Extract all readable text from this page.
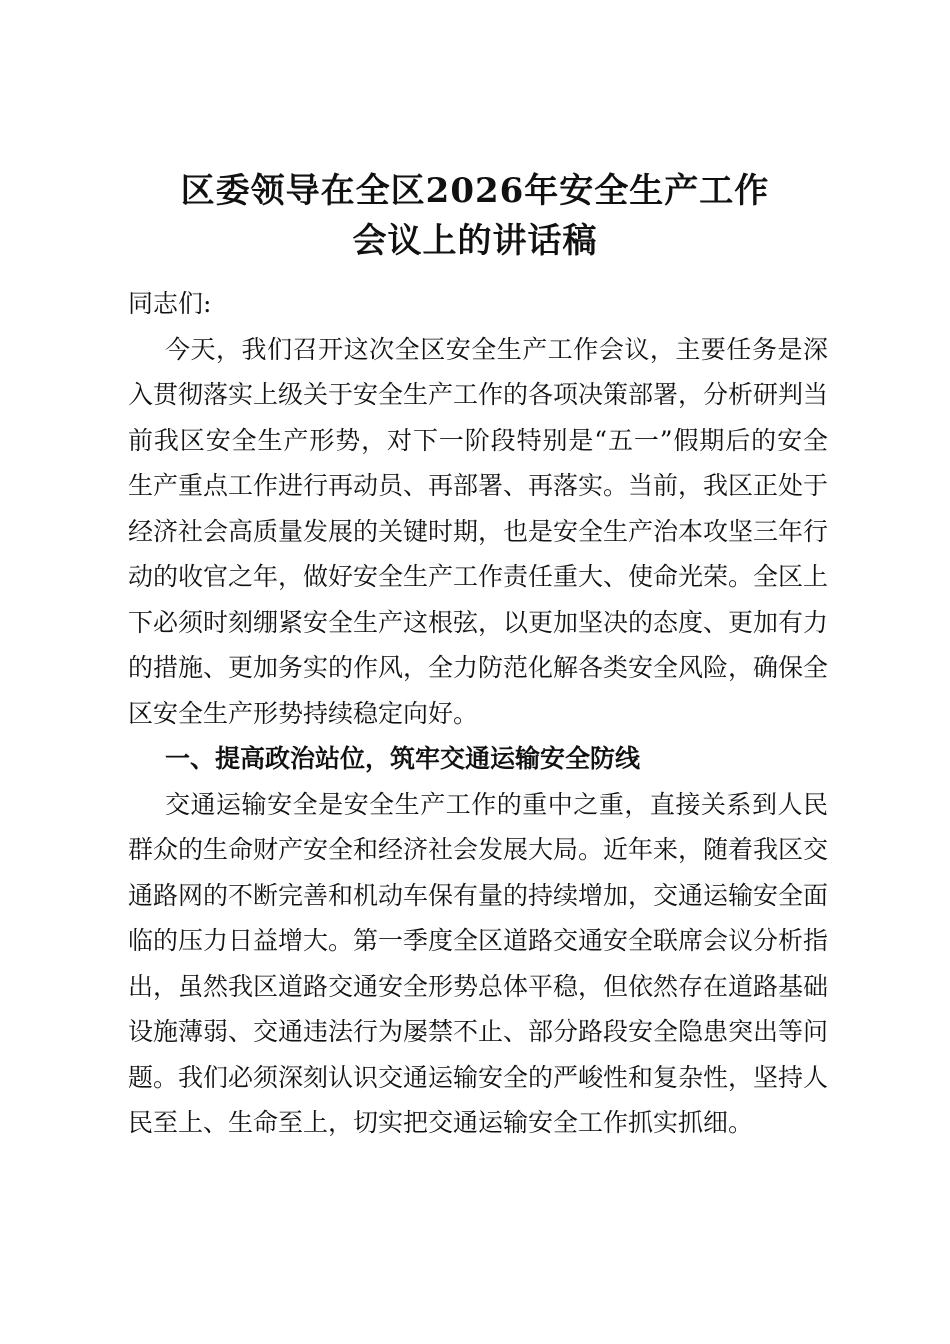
区委领导在全区2026年安全生产工作
会议上的讲话稿

同志们:

今天，我们召开这次全区安全生产工作会议，主要任务是深入贯彻落实上级关于安全生产工作的各项决策部署，分析研判当前我区安全生产形势，对下一阶段特别是“五一”假期后的安全生产重点工作进行再动员、再部署、再落实。当前，我区正处于经济社会高质量发展的关键时期，也是安全生产治本攻坚三年行动的收官之年，做好安全生产工作责任重大、使命光荣。全区上下必须时刻绷紧安全生产这根弦，以更加坚决的态度、更加有力的措施、更加务实的作风，全力防范化解各类安全风险，确保全区安全生产形势持续稳定向好。

一、提高政治站位，筑牢交通运输安全防线

交通运输安全是安全生产工作的重中之重，直接关系到人民群众的生命财产安全和经济社会发展大局。近年来，随着我区交通路网的不断完善和机动车保有量的持续增加，交通运输安全面临的压力日益增大。第一季度全区道路交通安全联席会议分析指出，虽然我区道路交通安全形势总体平稳，但依然存在道路基础设施薄弱、交通违法行为屡禁不止、部分路段安全隐患突出等问题。我们必须深刻认识交通运输安全的严峻性和复杂性，坚持人民至上、生命至上，切实把交通运输安全工作抓实抓细。
